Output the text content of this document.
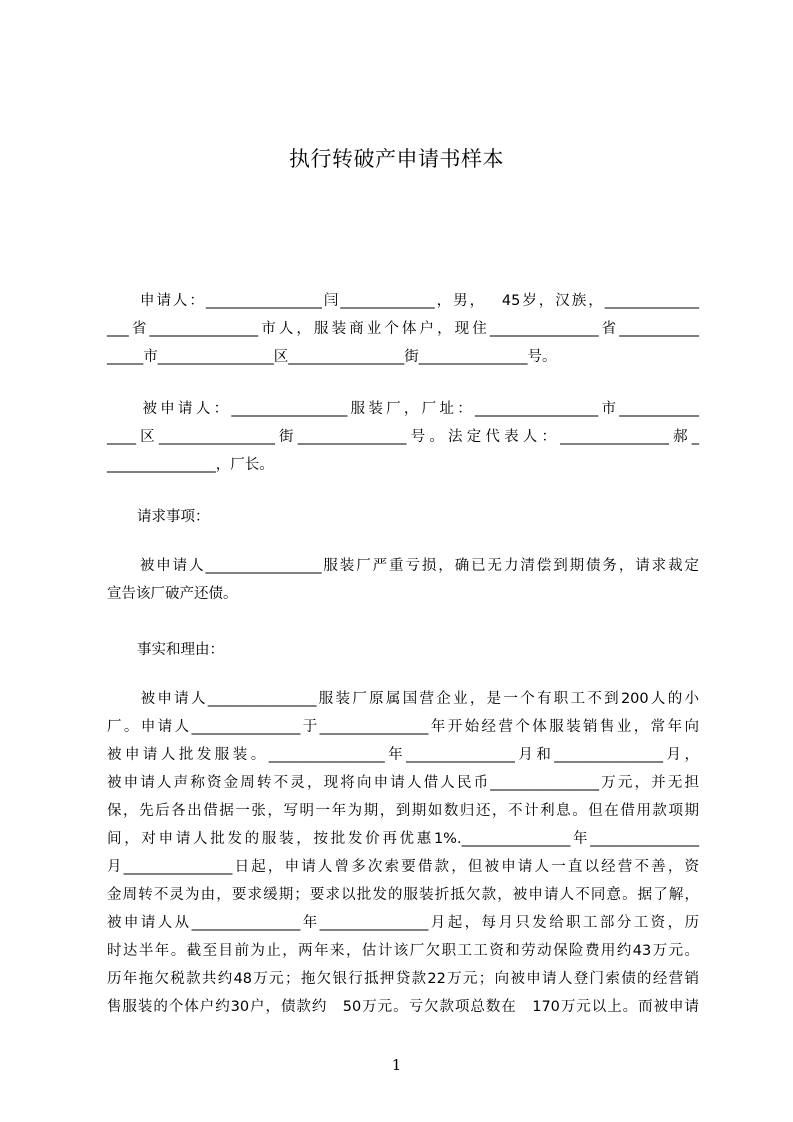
执行转破产申请书样本
　　申请人：________________闫_____________，男，　 45岁，汉族，_____________
___省_______________市人，服装商业个体户，现住_______________省___________
_____市________________区________________街_______________号。
　　被申请人：________________服装厂，厂址：_________________市___________
____区________________街_______________号。法定代表人：_______________郝_
_______________，厂长。
请求事项：
　　被申请人________________服装厂严重亏损，确已无力清偿到期债务，请求裁定
宣告该厂破产还债。
事实和理由：
　　被申请人_______________服装厂原属国营企业，是一个有职工不到200人的小
厂。申请人_______________于_______________年开始经营个体服装销售业，常年向
被申请人批发服装。________________年_______________月和_______________月，
被申请人声称资金周转不灵，现将向申请人借人民币_______________万元，并无担
保，先后各出借据一张，写明一年为期，到期如数归还，不计利息。但在借用款项期
间，对申请人批发的服装，按批发价再优惠1%._______________年_______________
月_______________日起，申请人曾多次索要借款，但被申请人一直以经营不善，资
金周转不灵为由，要求缓期；要求以批发的服装折抵欠款，被申请人不同意。据了解，
被申请人从_______________年_______________月起，每月只发给职工部分工资，历
时达半年。截至目前为止，两年来，估计该厂欠职工工资和劳动保险费用约43万元。
历年拖欠税款共约48万元；拖欠银行抵押贷款22万元；向被申请人登门索债的经营销
售服装的个体户约30户，债款约　50万元。亏欠款项总数在　170万元以上。而被申请
1
